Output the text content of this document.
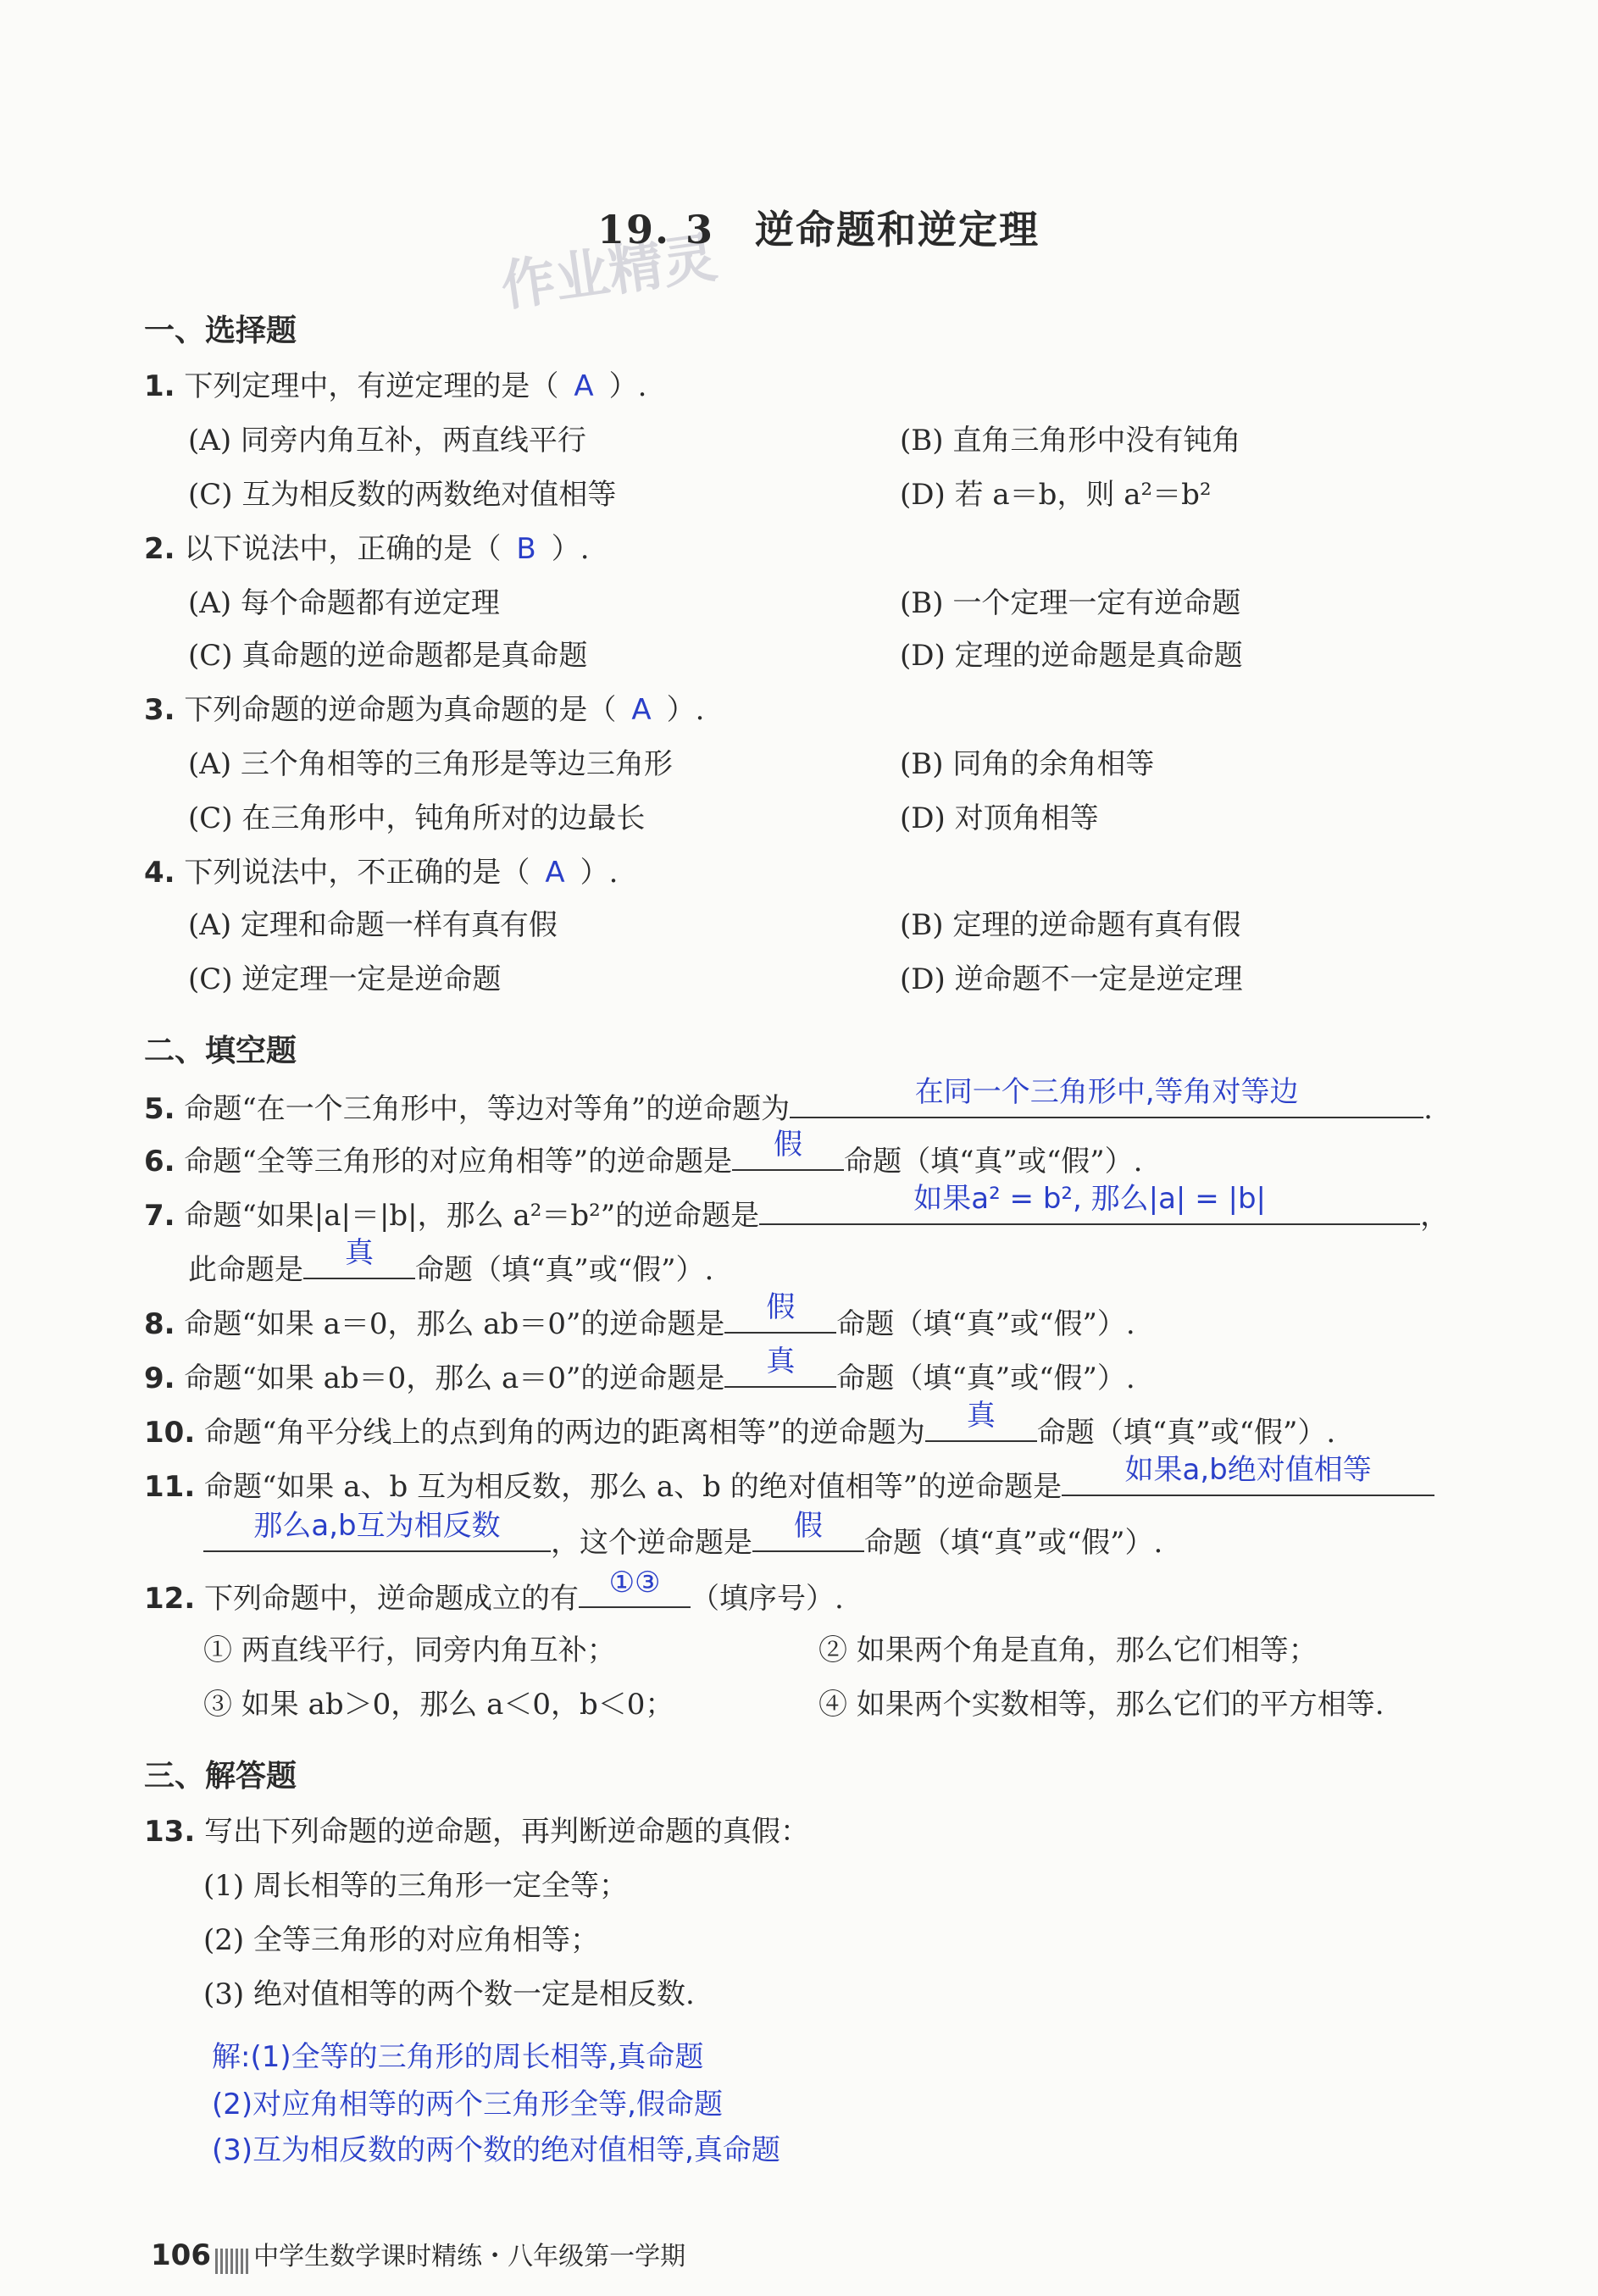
作业精灵
19. 3　逆命题和逆定理
一、选择题
1. 下列定理中，有逆定理的是（ A ）.
(A) 同旁内角互补，两直线平行	(B) 直角三角形中没有钝角
(C) 互为相反数的两数绝对值相等	(D) 若 a＝b，则 a²＝b²
2. 以下说法中，正确的是（ B ）.
(A) 每个命题都有逆定理	(B) 一个定理一定有逆命题
(C) 真命题的逆命题都是真命题	(D) 定理的逆命题是真命题
3. 下列命题的逆命题为真命题的是（ A ）.
(A) 三个角相等的三角形是等边三角形	(B) 同角的余角相等
(C) 在三角形中，钝角所对的边最长	(D) 对顶角相等
4. 下列说法中，不正确的是（ A ）.
(A) 定理和命题一样有真有假	(B) 定理的逆命题有真有假
(C) 逆定理一定是逆命题	(D) 逆命题不一定是逆定理
二、填空题
5. 命题“在一个三角形中，等边对等角”的逆命题为	在同一个三角形中,等角对等边	.
6. 命题“全等三角形的对应角相等”的逆命题是	假	命题（填“真”或“假”）.
7. 命题“如果|a|＝|b|，那么 a²＝b²”的逆命题是	如果a² = b², 那么|a| = |b|	，
此命题是	真	命题（填“真”或“假”）.
8. 命题“如果 a＝0，那么 ab＝0”的逆命题是	假	命题（填“真”或“假”）.
9. 命题“如果 ab＝0，那么 a＝0”的逆命题是	真	命题（填“真”或“假”）.
10. 命题“角平分线上的点到角的两边的距离相等”的逆命题为	真	命题（填“真”或“假”）.
11. 命题“如果 a、b 互为相反数，那么 a、b 的绝对值相等”的逆命题是	如果a,b绝对值相等
那么a,b互为相反数	，这个逆命题是	假	命题（填“真”或“假”）.
12. 下列命题中，逆命题成立的有	①③	（填序号）.
① 两直线平行，同旁内角互补；	② 如果两个角是直角，那么它们相等；
③ 如果 ab＞0，那么 a＜0，b＜0；	④ 如果两个实数相等，那么它们的平方相等.
三、解答题
13. 写出下列命题的逆命题，再判断逆命题的真假：
(1) 周长相等的三角形一定全等；
(2) 全等三角形的对应角相等；
(3) 绝对值相等的两个数一定是相反数.
解:(1)全等的三角形的周长相等,真命题
(2)对应角相等的两个三角形全等,假命题
(3)互为相反数的两个数的绝对值相等,真命题
106 中学生数学课时精练・八年级第一学期
